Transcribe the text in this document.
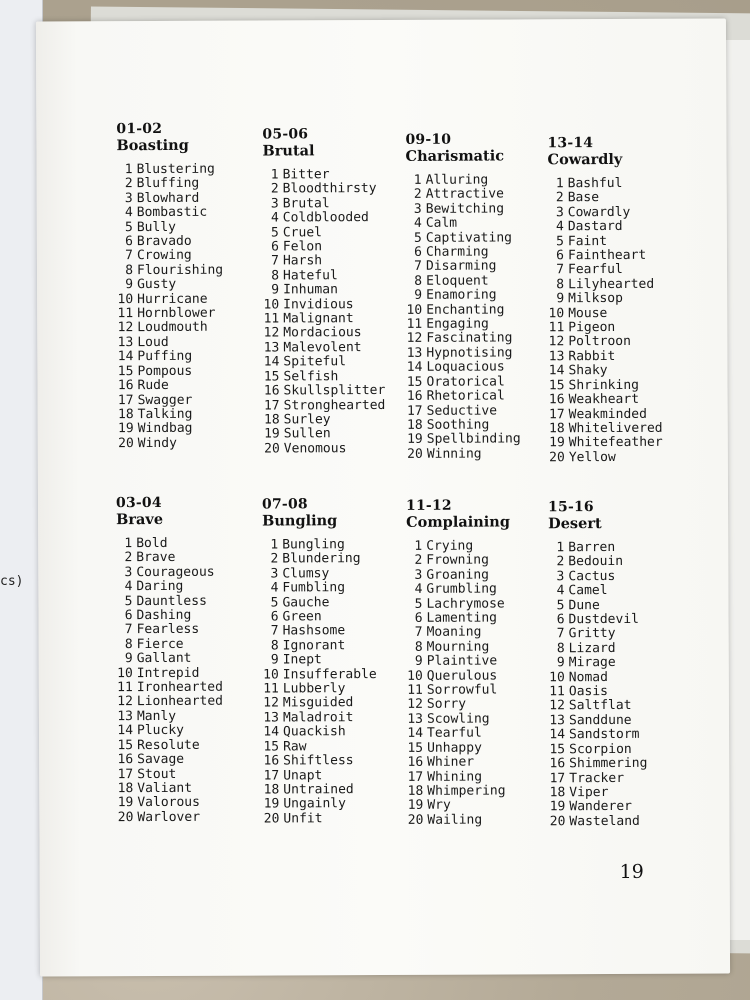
cs)
01-02
Boasting
1 Blustering
2 Bluffing
3 Blowhard
4 Bombastic
5 Bully
6 Bravado
7 Crowing
8 Flourishing
9 Gusty
10 Hurricane
11 Hornblower
12 Loudmouth
13 Loud
14 Puffing
15 Pompous
16 Rude
17 Swagger
18 Talking
19 Windbag
20 Windy
05-06
Brutal
1 Bitter
2 Bloodthirsty
3 Brutal
4 Coldblooded
5 Cruel
6 Felon
7 Harsh
8 Hateful
9 Inhuman
10 Invidious
11 Malignant
12 Mordacious
13 Malevolent
14 Spiteful
15 Selfish
16 Skullsplitter
17 Stronghearted
18 Surley
19 Sullen
20 Venomous
09-10
Charismatic
1 Alluring
2 Attractive
3 Bewitching
4 Calm
5 Captivating
6 Charming
7 Disarming
8 Eloquent
9 Enamoring
10 Enchanting
11 Engaging
12 Fascinating
13 Hypnotising
14 Loquacious
15 Oratorical
16 Rhetorical
17 Seductive
18 Soothing
19 Spellbinding
20 Winning
13-14
Cowardly
1 Bashful
2 Base
3 Cowardly
4 Dastard
5 Faint
6 Faintheart
7 Fearful
8 Lilyhearted
9 Milksop
10 Mouse
11 Pigeon
12 Poltroon
13 Rabbit
14 Shaky
15 Shrinking
16 Weakheart
17 Weakminded
18 Whitelivered
19 Whitefeather
20 Yellow
03-04
Brave
1 Bold
2 Brave
3 Courageous
4 Daring
5 Dauntless
6 Dashing
7 Fearless
8 Fierce
9 Gallant
10 Intrepid
11 Ironhearted
12 Lionhearted
13 Manly
14 Plucky
15 Resolute
16 Savage
17 Stout
18 Valiant
19 Valorous
20 Warlover
07-08
Bungling
1 Bungling
2 Blundering
3 Clumsy
4 Fumbling
5 Gauche
6 Green
7 Hashsome
8 Ignorant
9 Inept
10 Insufferable
11 Lubberly
12 Misguided
13 Maladroit
14 Quackish
15 Raw
16 Shiftless
17 Unapt
18 Untrained
19 Ungainly
20 Unfit
11-12
Complaining
1 Crying
2 Frowning
3 Groaning
4 Grumbling
5 Lachrymose
6 Lamenting
7 Moaning
8 Mourning
9 Plaintive
10 Querulous
11 Sorrowful
12 Sorry
13 Scowling
14 Tearful
15 Unhappy
16 Whiner
17 Whining
18 Whimpering
19 Wry
20 Wailing
15-16
Desert
1 Barren
2 Bedouin
3 Cactus
4 Camel
5 Dune
6 Dustdevil
7 Gritty
8 Lizard
9 Mirage
10 Nomad
11 Oasis
12 Saltflat
13 Sanddune
14 Sandstorm
15 Scorpion
16 Shimmering
17 Tracker
18 Viper
19 Wanderer
20 Wasteland
19
